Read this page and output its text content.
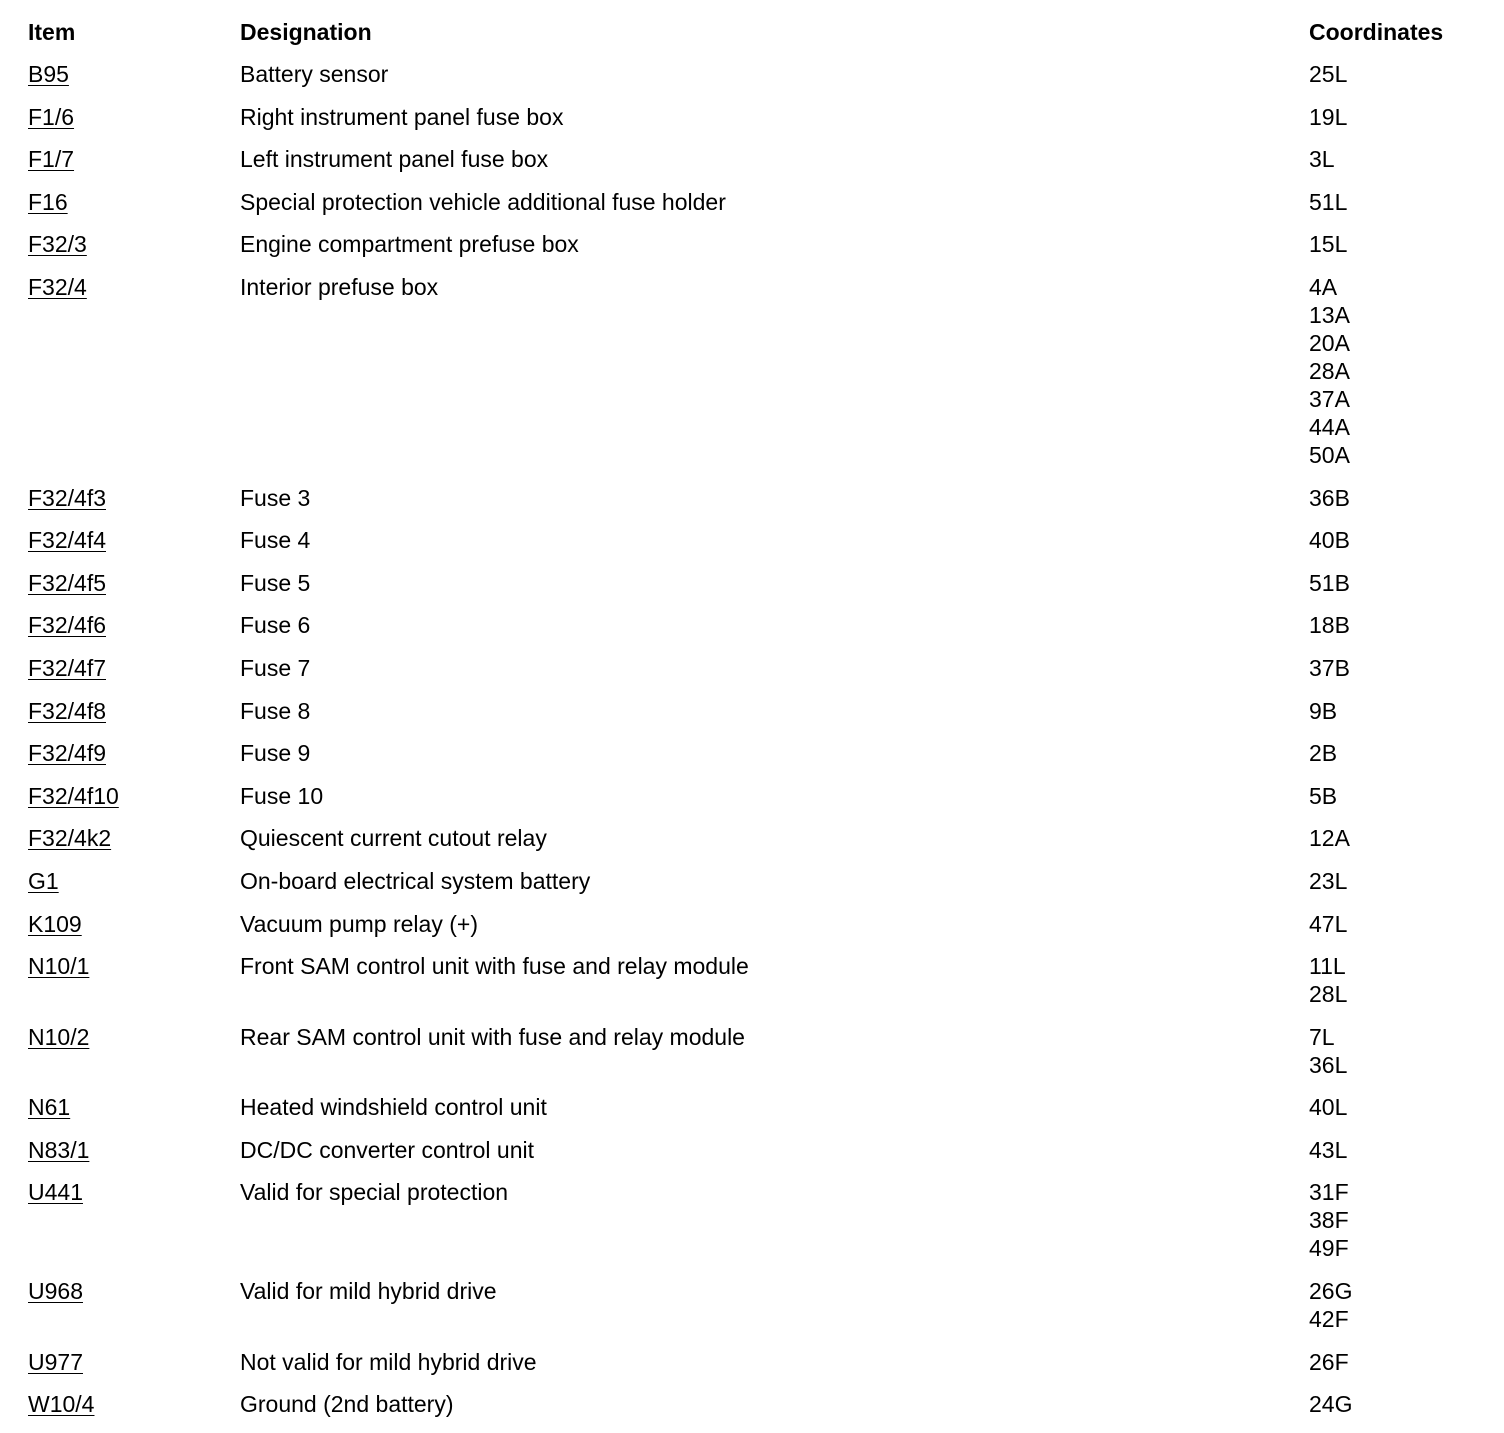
Item	Designation	Coordinates
B95	Battery sensor	25L
F1/6	Right instrument panel fuse box	19L
F1/7	Left instrument panel fuse box	3L
F16	Special protection vehicle additional fuse holder	51L
F32/3	Engine compartment prefuse box	15L
F32/4	Interior prefuse box	4A
13A
20A
28A
37A
44A
50A
F32/4f3	Fuse 3	36B
F32/4f4	Fuse 4	40B
F32/4f5	Fuse 5	51B
F32/4f6	Fuse 6	18B
F32/4f7	Fuse 7	37B
F32/4f8	Fuse 8	9B
F32/4f9	Fuse 9	2B
F32/4f10	Fuse 10	5B
F32/4k2	Quiescent current cutout relay	12A
G1	On-board electrical system battery	23L
K109	Vacuum pump relay (+)	47L
N10/1	Front SAM control unit with fuse and relay module	11L
28L
N10/2	Rear SAM control unit with fuse and relay module	7L
36L
N61	Heated windshield control unit	40L
N83/1	DC/DC converter control unit	43L
U441	Valid for special protection	31F
38F
49F
U968	Valid for mild hybrid drive	26G
42F
U977	Not valid for mild hybrid drive	26F
W10/4	Ground (2nd battery)	24G
